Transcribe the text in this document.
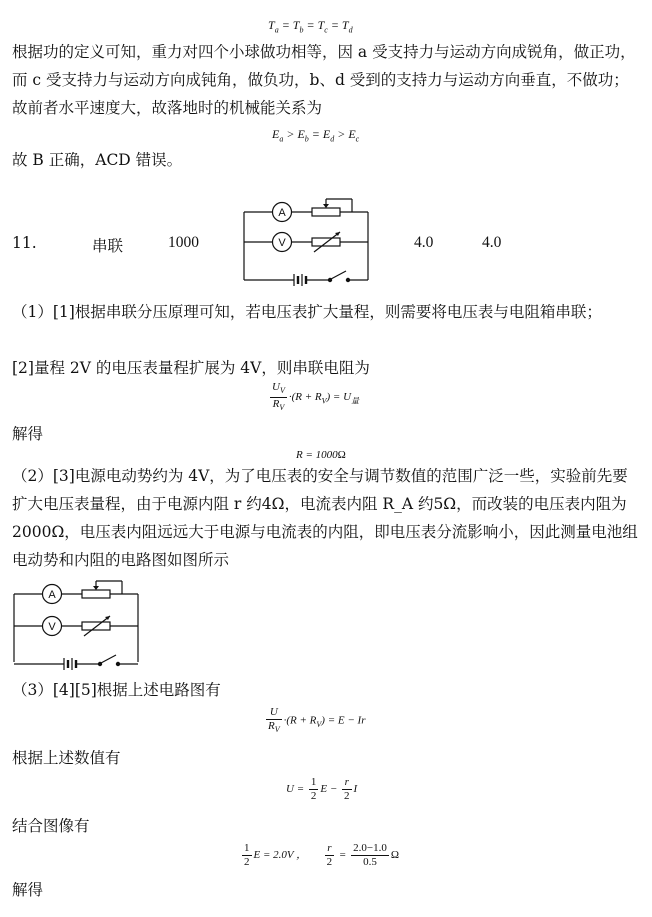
$T_a = T_b = T_c = T_d$
根据功的定义可知，重力对四个小球做功相等，因 a 受支持力与运动方向成锐角，做正功，而 c 受支持力与运动方向成钝角，做负功，b、d 受到的支持力与运动方向垂直，不做功； 故前者水平速度大，故落地时的机械能关系为
$E_a > E_b = E_d > E_c$
故 B 正确，ACD 错误。
11.	串联	1000	4.0	4.0
A
V
（1）[1]根据串联分压原理可知，若电压表扩大量程，则需要将电压表与电阻箱串联；
[2]量程 2V 的电压表量程扩展为 4V，则串联电阻为
$\frac{U_V}{R_V} \cdot(R + R_V) = U_量$
解得
R = 1000Ω
（2）[3]电源电动势约为 4V，为了电压表的安全与调节数值的范围广泛一些，实验前先要扩大电压表量程，由于电源内阻 r 约4Ω，电流表内阻 R_A 约5Ω，而改装的电压表内阻为 2000Ω，电压表内阻远远大于电源与电流表的内阻，即电压表分流影响小，因此测量电池组电动势和内阻的电路图如图所示
A
V
（3）[4][5]根据上述电路图有
$\frac{U}{R_V} \cdot(R + R_V) = E - Ir$
根据上述数值有
$U = \frac{1}{2}$ $E - \frac{r}{2}$ I
结合图像有
$\frac{1}{2}$ E = 2.0V ， $\frac{r}{2} = \frac{2.0-1.0}{0.5}$ Ω
解得
